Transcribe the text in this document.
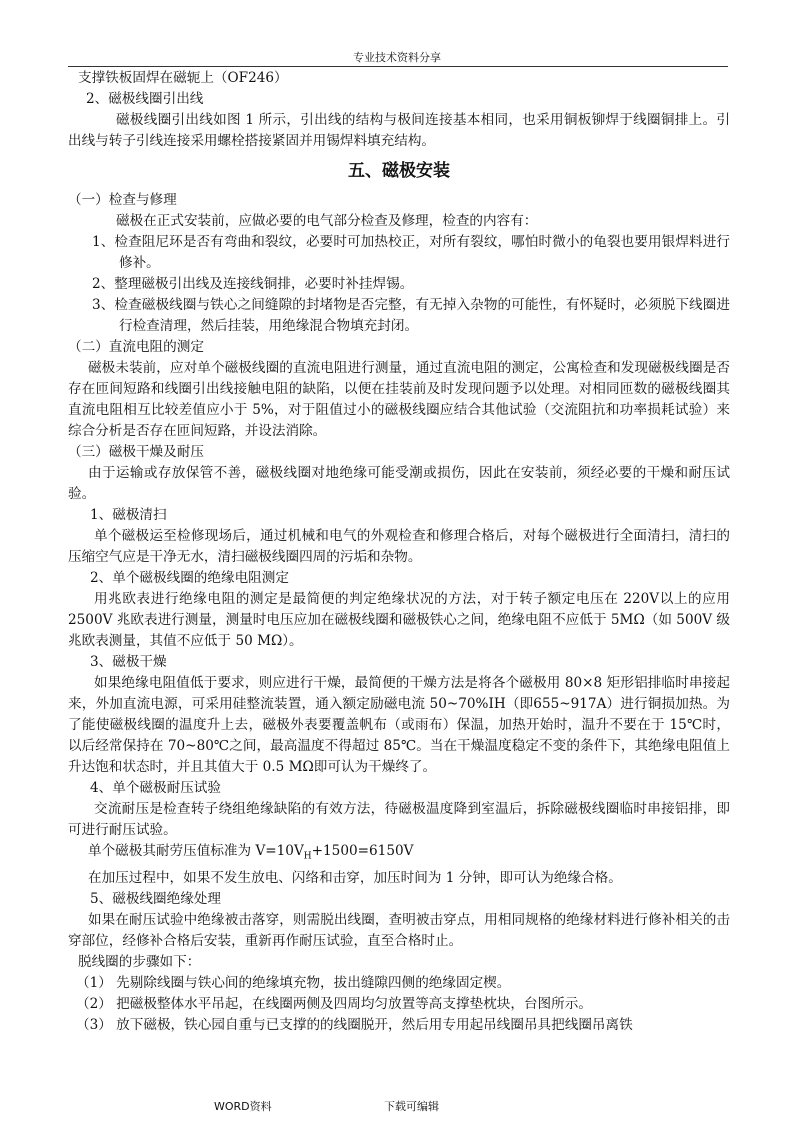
专业技术资料分享

支撑铁板固焊在磁轭上（OF246）

2、磁极线圈引出线

磁极线圈引出线如图 1 所示，引出线的结构与极间连接基本相同，也采用铜板铆焊于线圈铜排上。引出线与转子引线连接采用螺栓搭接紧固并用锡焊料填充结构。

五、磁极安装

（一）检查与修理

磁极在正式安装前，应做必要的电气部分检查及修理，检查的内容有：

1、检查阻尼环是否有弯曲和裂纹，必要时可加热校正，对所有裂纹，哪怕时微小的龟裂也要用银焊料进行修补。
2、整理磁极引出线及连接线铜排，必要时补挂焊锡。
3、检查磁极线圈与铁心之间缝隙的封堵物是否完整，有无掉入杂物的可能性，有怀疑时，必须脱下线圈进行检查清理，然后挂装，用绝缘混合物填充封闭。

（二）直流电阻的测定

磁极未装前，应对单个磁极线圈的直流电阻进行测量，通过直流电阻的测定，公寓检查和发现磁极线圈是否存在匝间短路和线圈引出线接触电阻的缺陷，以便在挂装前及时发现问题予以处理。对相同匝数的磁极线圈其直流电阻相互比较差值应小于 5%，对于阻值过小的磁极线圈应结合其他试验（交流阻抗和功率损耗试验）来综合分析是否存在匝间短路，并设法消除。

（三）磁极干燥及耐压

由于运输或存放保管不善，磁极线圈对地绝缘可能受潮或损伤，因此在安装前，须经必要的干燥和耐压试验。

1、磁极清扫

单个磁极运至检修现场后，通过机械和电气的外观检查和修理合格后，对每个磁极进行全面清扫，清扫的压缩空气应是干净无水，清扫磁极线圈四周的污垢和杂物。

2、单个磁极线圈的绝缘电阻测定

用兆欧表进行绝缘电阻的测定是最简便的判定绝缘状况的方法，对于转子额定电压在 220V以上的应用 2500V 兆欧表进行测量，测量时电压应加在磁极线圈和磁极铁心之间，绝缘电阻不应低于 5MΩ（如 500V 级兆欧表测量，其值不应低于 50 MΩ）。

3、磁极干燥

如果绝缘电阻值低于要求，则应进行干燥，最简便的干燥方法是将各个磁极用 80×8 矩形铝排临时串接起来，外加直流电源，可采用硅整流装置，通入额定励磁电流 50~70%IH（即655~917A）进行铜损加热。为了能使磁极线圈的温度升上去，磁极外表要覆盖帆布（或雨布）保温，加热开始时，温升不要在于 15℃时，以后经常保持在 70~80℃之间，最高温度不得超过 85℃。当在干燥温度稳定不变的条件下，其绝缘电阻值上升达饱和状态时，并且其值大于 0.5 MΩ即可认为干燥终了。

4、单个磁极耐压试验

交流耐压是检查转子绕组绝缘缺陷的有效方法，待磁极温度降到室温后，拆除磁极线圈临时串接铝排，即可进行耐压试验。

单个磁极其耐劳压值标准为 $V=10V_H+1500=6150V$

在加压过程中，如果不发生放电、闪络和击穿，加压时间为 1 分钟，即可认为绝缘合格。

5、磁极线圈绝缘处理

如果在耐压试验中绝缘被击落穿，则需脱出线圈，查明被击穿点，用相同规格的绝缘材料进行修补相关的击穿部位，经修补合格后安装，重新再作耐压试验，直至合格时止。

脱线圈的步骤如下：

（1） 先剔除线圈与铁心间的绝缘填充物，拔出缝隙四侧的绝缘固定楔。

（2） 把磁极整体水平吊起，在线圈两侧及四周均匀放置等高支撑垫枕块，台图所示。

（3） 放下磁极，铁心园自重与已支撑的的线圈脱开，然后用专用起吊线圈吊具把线圈吊离铁

WORD资料	下载可编辑
